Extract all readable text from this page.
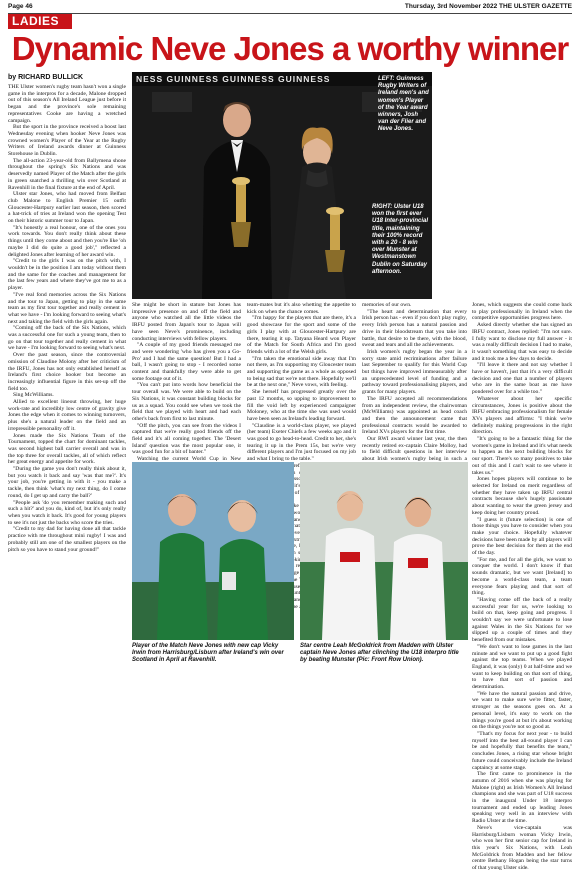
Page 46	Thursday, 3rd November 2022 THE ULSTER GAZETTE
LADIES
Dynamic Neve Jones a worthy winner
by RICHARD BULLICK

THE Ulster women's rugby team hasn't won a single game in the interpros for a decade, Malone dropped out of this season's All Ireland League just before it began and the province's sole remaining representatives Cooke are having a wretched campaign.

But the sport in the province received a boost last Wednesday evening when hooker Neve Jones was crowned women's Player of the Year at the Rugby Writers of Ireland awards dinner at Guinness Storehouse in Dublin.

The all-action 23-year-old from Ballymena shone throughout the spring's Six Nations and was deservedly named Player of the Match after the girls in green snatched a thrilling win over Scotland at Ravenhill in the final fixture at the end of April.

Ulster star Jones, who had moved from Belfast club Malone to English Premier 15 outfit Gloucester-Hartpury earlier last season, then scored a hat-trick of tries at Ireland won the opening Test on their historic summer tour to Japan.

"It's honestly a real honour, one of the ones you work towards. You don't really think about these things until they come about and then you're like 'oh maybe I did do quite a good job'," reflected a delighted Jones after learning of her award win.

"Credit to the girls I was on the pitch with, I wouldn't be in the position I am today without them and the same for the coaches and management for the last few years and where they've got me to as a player.

"I've real fond memories across the Six Nations and the tour to Japan, getting to play in the same team as my first tour together and really cement in what we have - I'm looking forward to seeing what's next and taking the field with the girls again.

"Coming off the back of the Six Nations, which was a successful one for such a young team, then to go on that tour together and really cement in what we have - I'm looking forward to seeing what's next.

Over the past season, since the controversial omission of Claudine Molony after her criticism of the IRFU, Jones has not only established herself as Ireland's first choice hooker but become an increasingly influential figure in this set-up off the field too.

Sing McWilliams.

Allied to excellent lineout throwing, her huge work-rate and incredibly low centre of gravity give Jones the edge when it comes to winning turnovers, plus she's a natural leader on the field and an irrepressible personality off it.

Jones made the Six Nations Team of the Tournament, topped the chart for dominant tackles, was second highest ball carrier overall and was in the top three for overall tackles, all of which reflect her great energy and appetite for work.

"During the game you don't really think about it, but you watch it back and say 'was that me?'. It's your job, you're getting in with it - you make a tackle, then think 'what's my next thing, do I come round, do I get up and carry the ball?'

"People ask 'do you remember making such and such a hit?' and you do, kind of, but it's only really when you watch it back. It's good for young players to see it's not just the backs who score the tries.

"Credit to my dad for having done all that tackle practice with me throughout mini rugby! I was and probably still am one of the smallest players on the pitch so you have to stand your ground!"

She might be short in stature but Jones has impressive presence on and off the field and anyone who watched all the little videos the IRFU posted from Japan's tour to Japan will have seen Neve's prominence, including conducting interviews with fellow players.

"A couple of my good friends messaged me and were wondering 'who has given you a Go-Pro' and I had the same question! But I had a ball, I wasn't going to stop - I recorded some content and thankfully they were able to get some footage out of it.

"You can't put into words how beneficial the tour overall was. We were able to build on the Six Nations, it was constant building blocks for us as a squad. You could see when we took the field that we played with heart and had each other's back from first to last minute.

"Off the pitch, you can see from the videos I captured that we're really good friends off the field and it's all coming together. The 'Desert Island' question was the most popular one, it was good fun for a bit of banter."

Watching the current World Cup in New

team-mates but it's also whetting the appetite to kick on when the chance comes.

"I'm happy for the players that are there, it's a good showcase for the sport and some of the girls I play with at Gloucester-Hartpury are there, tearing it up. Tatyana Heard won Player of the Match for South Africa and I'm good friends with a lot of the Welsh girls.

"I'm taken the emotional side away that I'm not there, as I'm supporting my Gloucester team and supporting the game as a whole as opposed to being sad that we're not there. Hopefully we'll be at the next one," Neve vows, with feeling.

She herself has progressed greatly over the past 12 months, so upping to improvement to fill the void left by experienced campaigner Moloney, who at the time she was used would have been seen as Ireland's leading forward.

"Claudine is a world-class player, we played (her team) Exeter Chiefs a few weeks ago and it was good to go head-to-head. Credit to her, she's tearing it up in the Prem 15s, but we're very different players and I'm just focused on my job and what I bring to the table."

blossom "it's of

like work and that over extra

looking age

countries and be

memories of our own.

"The heart and determination that every Irish person has - even if you don't play rugby, every Irish person has a natural passion and drive in their bloodstream that you take into battle, that desire to be there, with the blood, sweat and tears and all the achievements.

Irish women's rugby began the year in a sorry state amid recriminations after failure last September to qualify for this World Cup but things have improved immeasurably after an unprecedented level of funding and a pathway toward professionalising players, and grants for many players.

The IRFU accepted all recommendations from an independent review, the chairwoman (McWilliams) was appointed as head coach and then the announcement came that professional contracts would be awarded to Ireland XVs players for the first time.

Our RWI award winner last year, the then recently retired ex-captain Claire Molloy, had to field difficult questions in her interview about Irish women's rugby being in such a

Jones, which suggests she could come back to play professionally in Ireland when the competitive opportunities progress here.

Asked directly whether she has signed an IRFU contract, Jones replied: "I'm not sure. I fully want to disclose my full answer - it was a really difficult decision I had to make, it wasn't something that was easy to decide and it took me a few days to decide.

"I'll leave it there and not say whether I have or haven't, just that it's a very difficult decision and one that a number of players who are in the same boat as me have pondered over for a while too."

Whatever about her specific circumstances, Jones is positive about the IRFU embracing professionalism for female XVs players and affirms: "I think we're definitely making progressions in the right direction.

"It's going to be a fantastic thing for the women's game in Ireland and it's what needs to happen as the next building blocks for our sport. There's so many positives to take out of this and I can't wait to see where it takes us."

Jones hopes players will continue to be selected for Ireland on merit regardless of whether they have taken up IRFU central contracts because she's hugely passionate about wanting to wear the green jersey and keep doing her country proud.

"I guess it (future selection) is one of those things you have to consider when you make your choice. Hopefully whatever decisions have been made by all players will prove the best decision for them at the end of the day.

"For me, and for all the girls, we want to conquer the world. I don't know if that sounds dramatic, but we want [Ireland] to become a world-class team, a team everyone fears playing and that sort of thing.

"Having come off the back of a really successful year for us, we're looking to build on that, keep going and progress. I wouldn't say we were unfortunate to lose against Wales in the Six Nations for we slipped up a couple of times and they benefited from our mistakes.

"We don't want to lose games in the last minute and we want to put up a good fight against the top teams. When we played England, it was (only) 0 at half-time and we want to keep building on that sort of thing, to have that sort of passion and determination.

"We have the natural passion and drive, we want to make sure we're fitter, faster, stronger as the seasons goes on. At a personal level, it's easy to work on the things you're good at but it's about working on the things you're not so good at.

"That's my focus for next year - to build myself into the best all-round player I can be and hopefully that benefits the team," concludes Jones, a rising star whose bright future could conceivably include the Ireland captaincy at some stage.

The first came to prominence in the autumn of 2016 when she was playing for Malone (right) as Irish Women's All Ireland champions and she was part of U18 success in the inaugural Under 18 interpro tournament and ended up leading Jones speaking very well in an interview with Radio Ulster at the time.

Neve's vice-captain was Harrisburg/Lisburn woman Vicky Irwin, who won her first senior cap for Ireland in this year's Six Nations, with Leah McGoldrick from Madden and her fellow centre Bethany Hogan being the star turns of that young Ulster side.

NESS GUINNESS GUINNESS GUINNESS	LEFT: Guinness Rugby Writers of Ireland men's and women's Player of the Year award winners, Josh van der Flier and Neve Jones.
RIGHT: Ulster U18 won the first ever U18 Inter-provincial title, maintaining their 100% record with a 20 - 8 win over Munster at Westmanstown Dublin on Saturday afternoon.
Player of the Match Neve Jones with new cap Vicky Irwin from Harrisburg/Lisburn after Ireland's win over Scotland in April at Ravenhill.
Star centre Leah McGoldrick from Madden with Ulster captain Neve Jones after clinching the U18 interpro title by beating Munster (Pic: Front Row Union).
